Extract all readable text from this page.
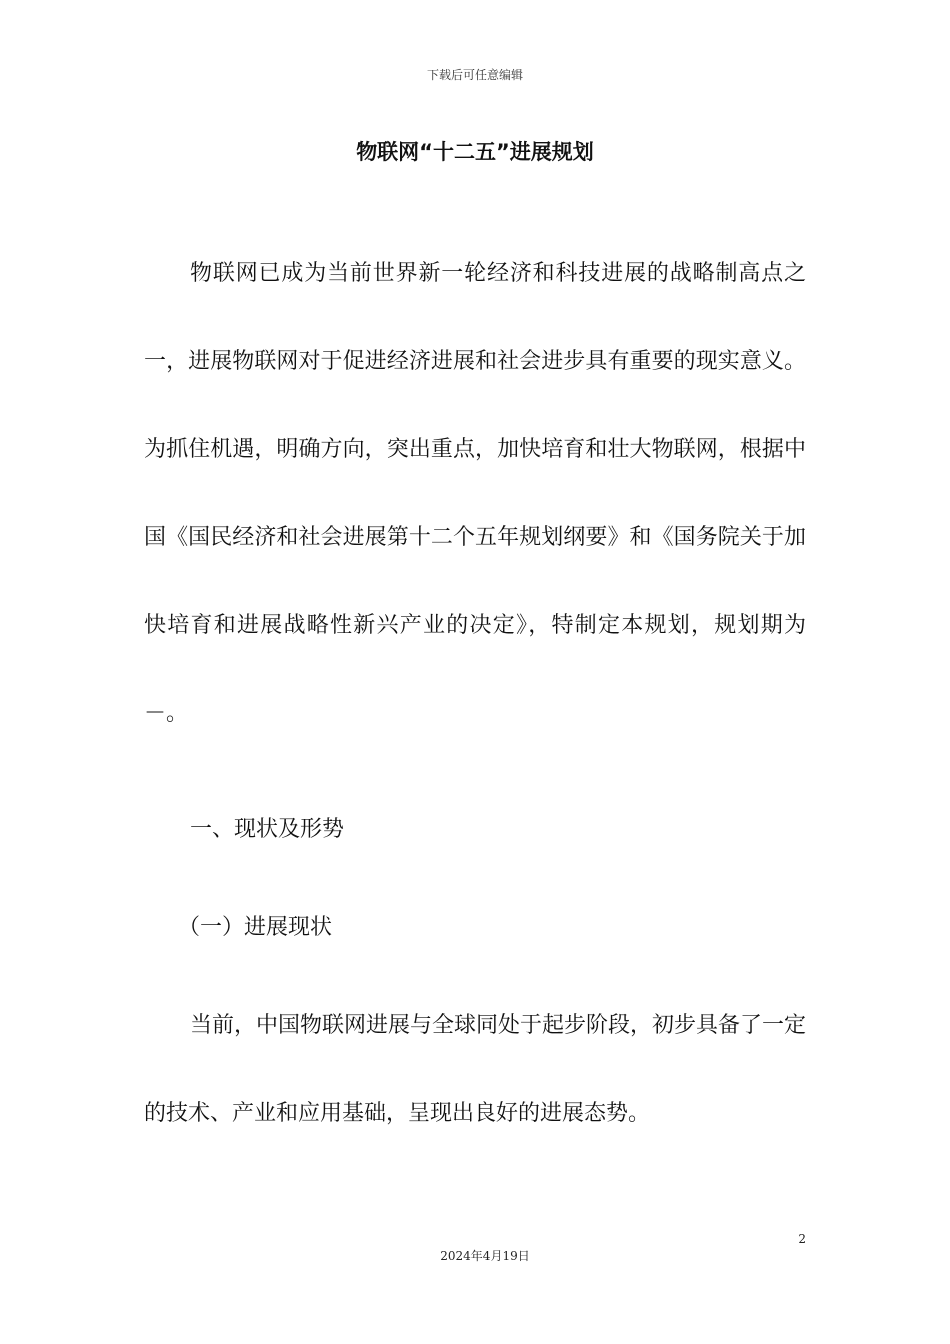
下载后可任意编辑
物联网“十二五”进展规划

物联网已成为当前世界新一轮经济和科技进展的战略制高点之一，进展物联网对于促进经济进展和社会进步具有重要的现实意义。为抓住机遇，明确方向，突出重点，加快培育和壮大物联网，根据中国《国民经济和社会进展第十二个五年规划纲要》和《国务院关于加快培育和进展战略性新兴产业的决定》，特制定本规划，规划期为－。

一、现状及形势

（一）进展现状

当前，中国物联网进展与全球同处于起步阶段，初步具备了一定的技术、产业和应用基础，呈现出良好的进展态势。

2
2024年4月19日
